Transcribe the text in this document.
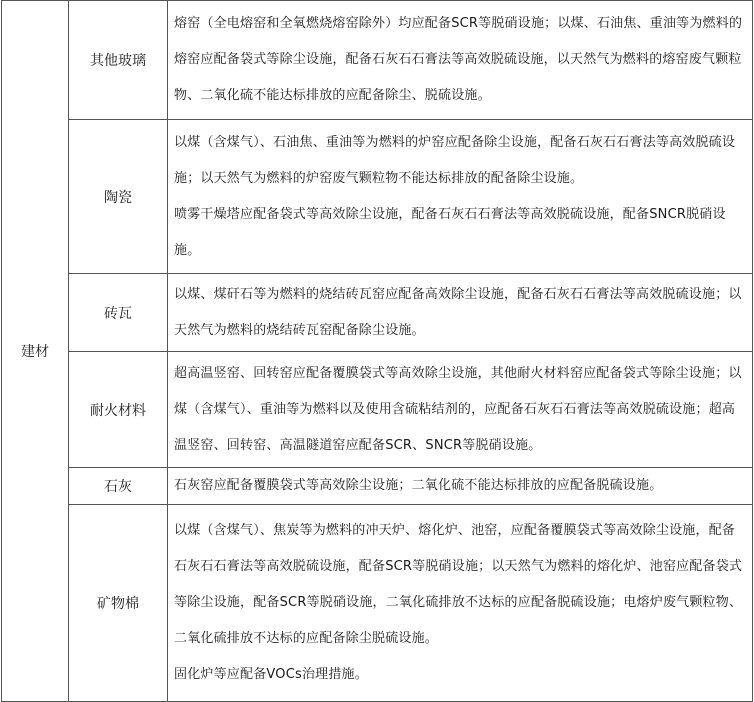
建材	其他玻璃	熔窑（全电熔窑和全氧燃烧熔窑除外）均应配备SCR等脱硝设施；以煤、石油焦、重油等为燃料的熔窑应配备袋式等除尘设施，配备石灰石石膏法等高效脱硫设施，以天然气为燃料的熔窑废气颗粒物、二氧化硫不能达标排放的应配备除尘、脱硫设施。

	陶瓷	以煤（含煤气）、石油焦、重油等为燃料的炉窑应配备除尘设施，配备石灰石石膏法等高效脱硫设施；以天然气为燃料的炉窑废气颗粒物不能达标排放的配备除尘设施。

喷雾干燥塔应配备袋式等高效除尘设施，配备石灰石石膏法等高效脱硫设施，配备SNCR脱硝设施。

	砖瓦	以煤、煤矸石等为燃料的烧结砖瓦窑应配备高效除尘设施，配备石灰石石膏法等高效脱硫设施；以天然气为燃料的烧结砖瓦窑配备除尘设施。

	耐火材料	超高温竖窑、回转窑应配备覆膜袋式等高效除尘设施，其他耐火材料窑应配备袋式等除尘设施；以煤（含煤气）、重油等为燃料以及使用含硫粘结剂的，应配备石灰石石膏法等高效脱硫设施；超高温竖窑、回转窑、高温隧道窑应配备SCR、SNCR等脱硝设施。

	石灰	石灰窑应配备覆膜袋式等高效除尘设施；二氧化硫不能达标排放的应配备脱硫设施。

	矿物棉	以煤（含煤气）、焦炭等为燃料的冲天炉、熔化炉、池窑，应配备覆膜袋式等高效除尘设施，配备石灰石石膏法等高效脱硫设施，配备SCR等脱硝设施；以天然气为燃料的熔化炉、池窑应配备袋式等除尘设施，配备SCR等脱硝设施，二氧化硫排放不达标的应配备脱硫设施；电熔炉废气颗粒物、二氧化硫排放不达标的应配备除尘脱硫设施。

固化炉等应配备VOCs治理措施。
